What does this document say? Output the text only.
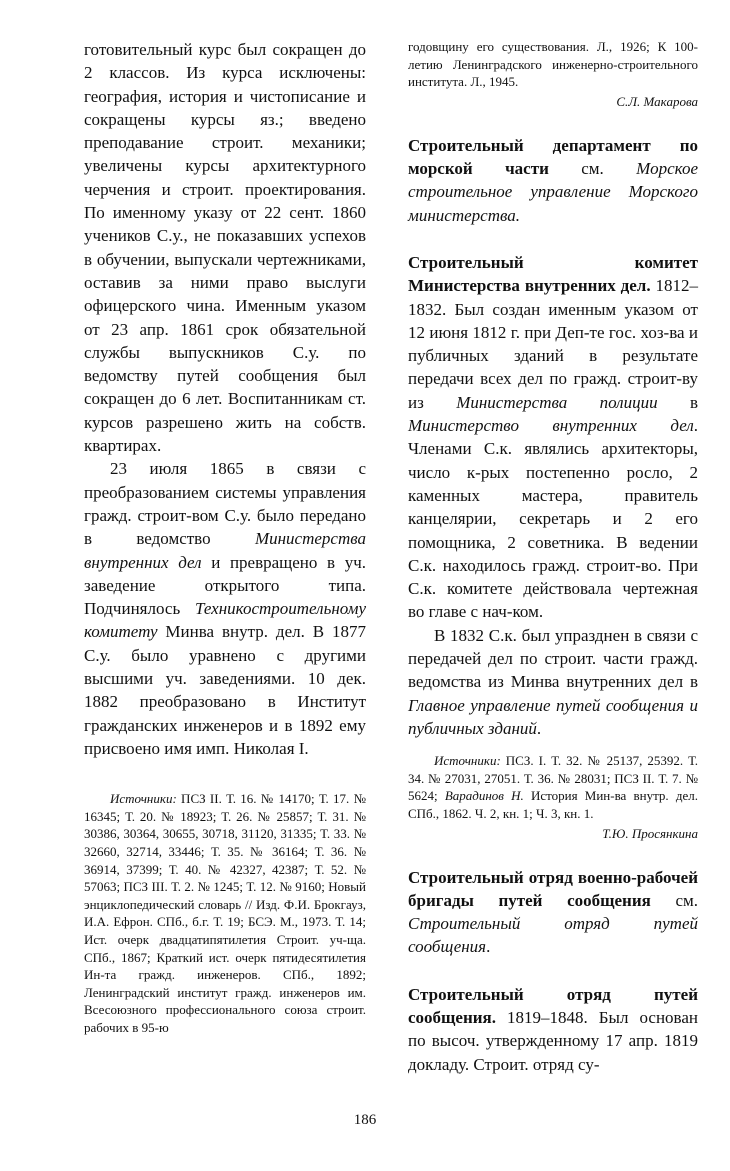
готовительный курс был сокращен до 2 классов. Из курса исключены: география, история и чистописание и сокращены курсы яз.; введено преподавание строит. механики; увеличены курсы архитектурного черчения и строит. проектирования. По именному указу от 22 сент. 1860 учеников С.у., не показавших успехов в обучении, выпускали чертежниками, оставив за ними право выслуги офицерского чина. Именным указом от 23 апр. 1861 срок обязательной службы выпускников С.у. по ведомству путей сообщения был сокращен до 6 лет. Воспитанникам ст. курсов разрешено жить на собств. квартирах.

23 июля 1865 в связи с преобразованием системы управления гражд. строит-вом С.у. было передано в ведомство Министерства внутренних дел и превращено в уч. заведение открытого типа. Подчинялось Техникостроительному комитету Минва внутр. дел. В 1877 С.у. было уравнено с другими высшими уч. заведениями. 10 дек. 1882 преобразовано в Институт гражданских инженеров и в 1892 ему присвоено имя имп. Николая I.

Источники: ПСЗ II. Т. 16. № 14170; Т. 17. № 16345; Т. 20. № 18923; Т. 26. № 25857; Т. 31. № 30386, 30364, 30655, 30718, 31120, 31335; Т. 33. № 32660, 32714, 33446; Т. 35. № 36164; Т. 36. № 36914, 37399; Т. 40. № 42327, 42387; Т. 52. № 57063; ПСЗ III. Т. 2. № 1245; Т. 12. № 9160; Новый энциклопедический словарь // Изд. Ф.И. Брокгауз, И.А. Ефрон. СПб., б.г. Т. 19; БСЭ. М., 1973. Т. 14; Ист. очерк двадцатипятилетия Строит. уч-ща. СПб., 1867; Краткий ист. очерк пятидесятилетия Ин-та гражд. инженеров. СПб., 1892; Ленинградский институт гражд. инженеров им. Всесоюзного профессионального союза строит. рабочих в 95-ю

годовщину его существования. Л., 1926; К 100-летию Ленинградского инженерно-строительного института. Л., 1945.

С.Л. Макарова

Строительный департамент по морской части см. Морское строительное управление Морского министерства.

Строительный комитет Министерства внутренних дел. 1812–1832. Был создан именным указом от 12 июня 1812 г. при Деп-те гос. хоз-ва и публичных зданий в результате передачи всех дел по гражд. строит-ву из Министерства полиции в Министерство внутренних дел. Членами С.к. являлись архитекторы, число к-рых постепенно росло, 2 каменных мастера, правитель канцелярии, секретарь и 2 его помощника, 2 советника. В ведении С.к. находилось гражд. строит-во. При С.к. комитете действовала чертежная во главе с нач-ком.

В 1832 С.к. был упразднен в связи с передачей дел по строит. части гражд. ведомства из Минва внутренних дел в Главное управление путей сообщения и публичных зданий.

Источники: ПСЗ. I. Т. 32. № 25137, 25392. Т. 34. № 27031, 27051. Т. 36. № 28031; ПСЗ II. Т. 7. № 5624; Варадинов Н. История Мин-ва внутр. дел. СПб., 1862. Ч. 2, кн. 1; Ч. 3, кн. 1.

Т.Ю. Просянкина

Строительный отряд военно-рабочей бригады путей сообщения см. Строительный отряд путей сообщения.

Строительный отряд путей сообщения. 1819–1848. Был основан по высоч. утвержденному 17 апр. 1819 докладу. Строит. отряд су-

186
